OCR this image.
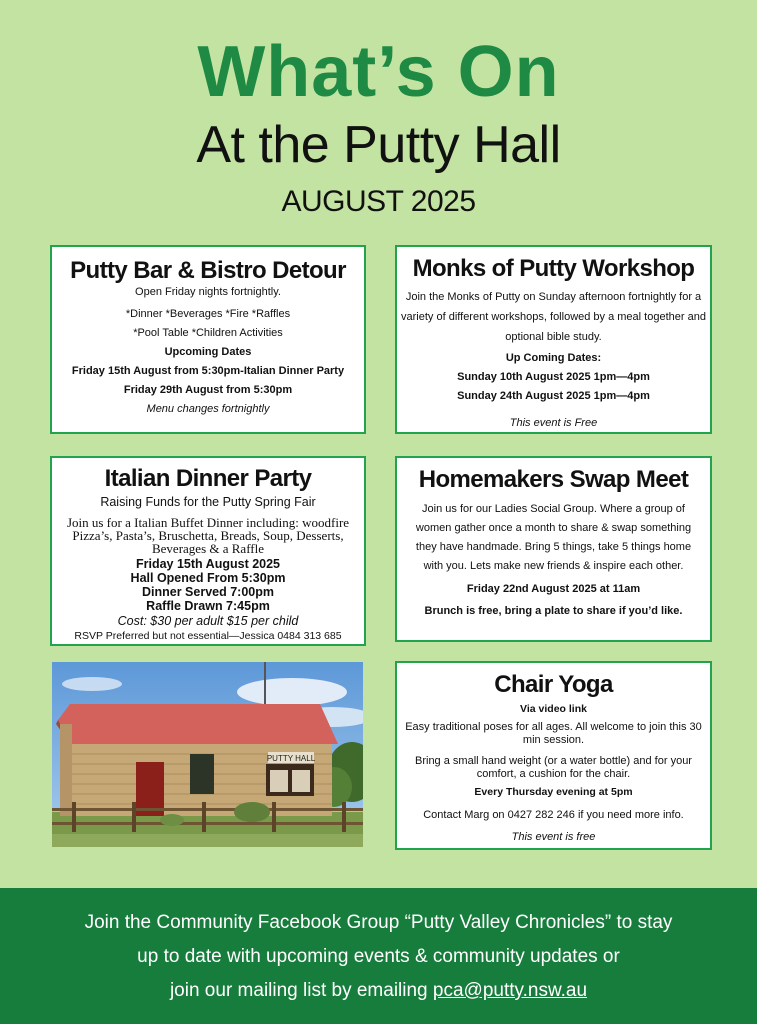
What’s On
At the Putty Hall
AUGUST 2025
Putty Bar & Bistro Detour
Open Friday nights fortnightly.
*Dinner *Beverages *Fire *Raffles
*Pool Table *Children Activities
Upcoming Dates
Friday 15th August from 5:30pm-Italian Dinner Party
Friday 29th August from 5:30pm
Menu changes fortnightly
Monks of Putty Workshop
Join the Monks of Putty on Sunday afternoon fortnightly for a variety of different workshops, followed by a meal together and optional bible study.
Up Coming Dates:
Sunday 10th August 2025 1pm—4pm
Sunday 24th August 2025 1pm—4pm
This event is Free
Italian Dinner Party
Raising Funds for the Putty Spring Fair
Join us for a Italian Buffet Dinner including: woodfire Pizza’s, Pasta’s, Bruschetta, Breads, Soup, Desserts, Beverages & a Raffle
Friday 15th August 2025
Hall Opened From 5:30pm
Dinner Served 7:00pm
Raffle Drawn 7:45pm
Cost: $30 per adult $15 per child
RSVP Preferred but not essential—Jessica 0484 313 685
Homemakers Swap Meet
Join us for our Ladies Social Group. Where a group of women gather once a month to share & swap something they have handmade. Bring 5 things, take 5 things home with you. Lets make new friends & inspire each other.
Friday 22nd August 2025 at 11am
Brunch is free, bring a plate to share if you’d like.
PUTTY HALL
Chair Yoga
Via video link
Easy traditional poses for all ages. All welcome to join this 30 min session.
Bring a small hand weight (or a water bottle) and for your comfort, a cushion for the chair.
Every Thursday evening at 5pm
Contact Marg on 0427 282 246 if you need more info.
This event is free
Join the Community Facebook Group “Putty Valley Chronicles” to stay
up to date with upcoming events & community updates or
join our mailing list by emailing pca@putty.nsw.au
